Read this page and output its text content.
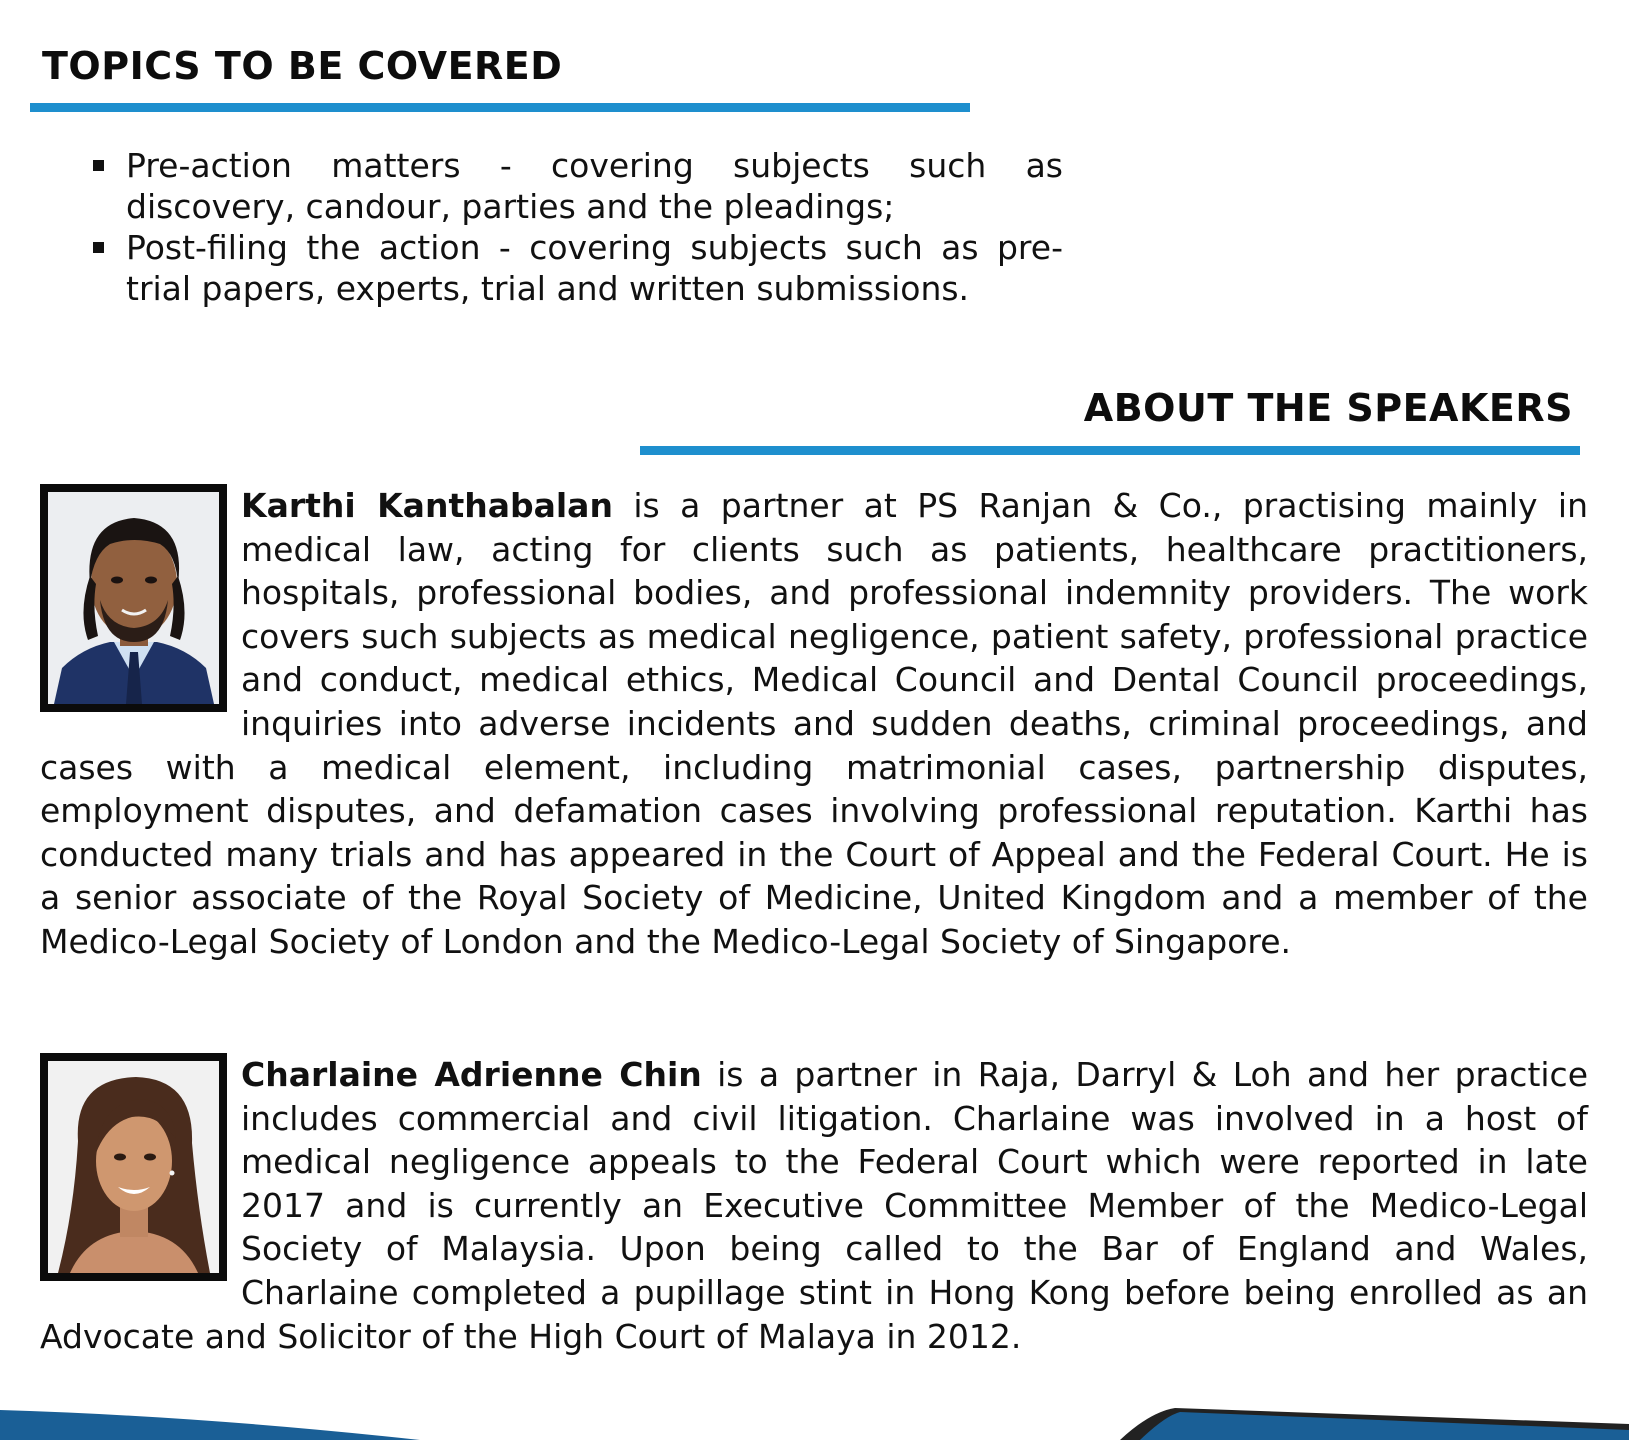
TOPICS TO BE COVERED
Pre-action matters - covering subjects such as discovery, candour, parties and the pleadings;
Post-filing the action - covering subjects such as pre-trial papers, experts, trial and written submissions.
ABOUT THE SPEAKERS

Karthi Kanthabalan is a partner at PS Ranjan & Co., practising mainly in medical law, acting for clients such as patients, healthcare practitioners, hospitals, professional bodies, and professional indemnity providers. The work covers such subjects as medical negligence, patient safety, professional practice and conduct, medical ethics, Medical Council and Dental Council proceedings, inquiries into adverse incidents and sudden deaths, criminal proceedings, and cases with a medical element, including matrimonial cases, partnership disputes, employment disputes, and defamation cases involving professional reputation. Karthi has conducted many trials and has appeared in the Court of Appeal and the Federal Court. He is a senior associate of the Royal Society of Medicine, United Kingdom and a member of the Medico-Legal Society of London and the Medico-Legal Society of Singapore.

Charlaine Adrienne Chin is a partner in Raja, Darryl & Loh and her practice includes commercial and civil litigation. Charlaine was involved in a host of medical negligence appeals to the Federal Court which were reported in late 2017 and is currently an Executive Committee Member of the Medico-Legal Society of Malaysia. Upon being called to the Bar of England and Wales, Charlaine completed a pupillage stint in Hong Kong before being enrolled as an Advocate and Solicitor of the High Court of Malaya in 2012.
